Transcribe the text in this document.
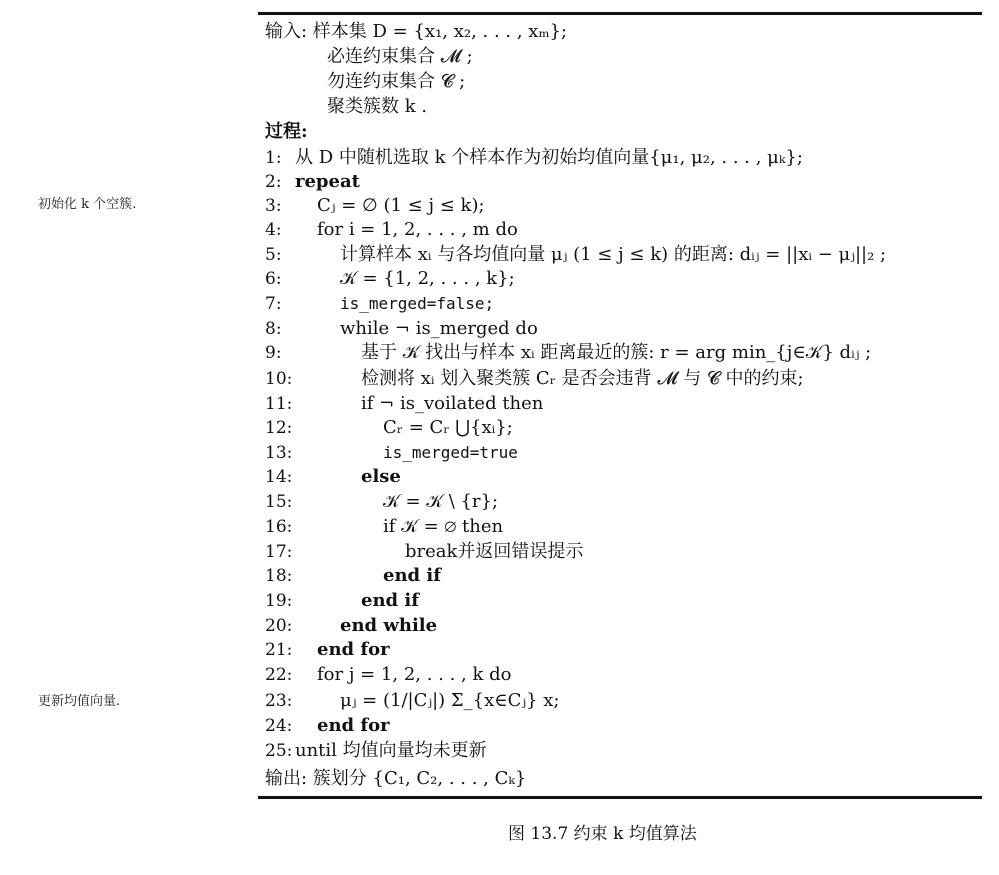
初始化 k 个空簇.
更新均值向量.
输入: 样本集 D = {x₁, x₂, . . . , xₘ};
必连约束集合 𝓜 ;
勿连约束集合 𝓒 ;
聚类簇数 k .
过程:
1: 从 D 中随机选取 k 个样本作为初始均值向量{μ₁, μ₂, . . . , μₖ};
2: repeat
3:	Cⱼ = ∅ (1 ≤ j ≤ k);
4:	for i = 1, 2, . . . , m do
5:	计算样本 xᵢ 与各均值向量 μⱼ (1 ≤ j ≤ k) 的距离: dᵢⱼ = ||xᵢ − μⱼ||₂ ;
6:	𝒦 = {1, 2, . . . , k};
7:	is_merged=false;
8:	while ¬ is_merged do
9:	基于 𝒦 找出与样本 xᵢ 距离最近的簇: r = arg min_{j∈𝒦} dᵢⱼ ;
10:	检测将 xᵢ 划入聚类簇 Cᵣ 是否会违背 𝓜 与 𝓒 中的约束;
11:	if ¬ is_voilated then
12:	Cᵣ = Cᵣ ⋃{xᵢ};
13:	is_merged=true
14:	else
15:	𝒦 = 𝒦 \ {r};
16:	if 𝒦 = ∅ then
17:	break并返回错误提示
18:	end if
19:	end if
20:	end while
21:	end for
22:	for j = 1, 2, . . . , k do
23:	μⱼ = (1/|Cⱼ|) Σ_{x∈Cⱼ} x;
24:	end for
25: until 均值向量均未更新
输出: 簇划分 {C₁, C₂, . . . , Cₖ}
图 13.7 约束 k 均值算法
